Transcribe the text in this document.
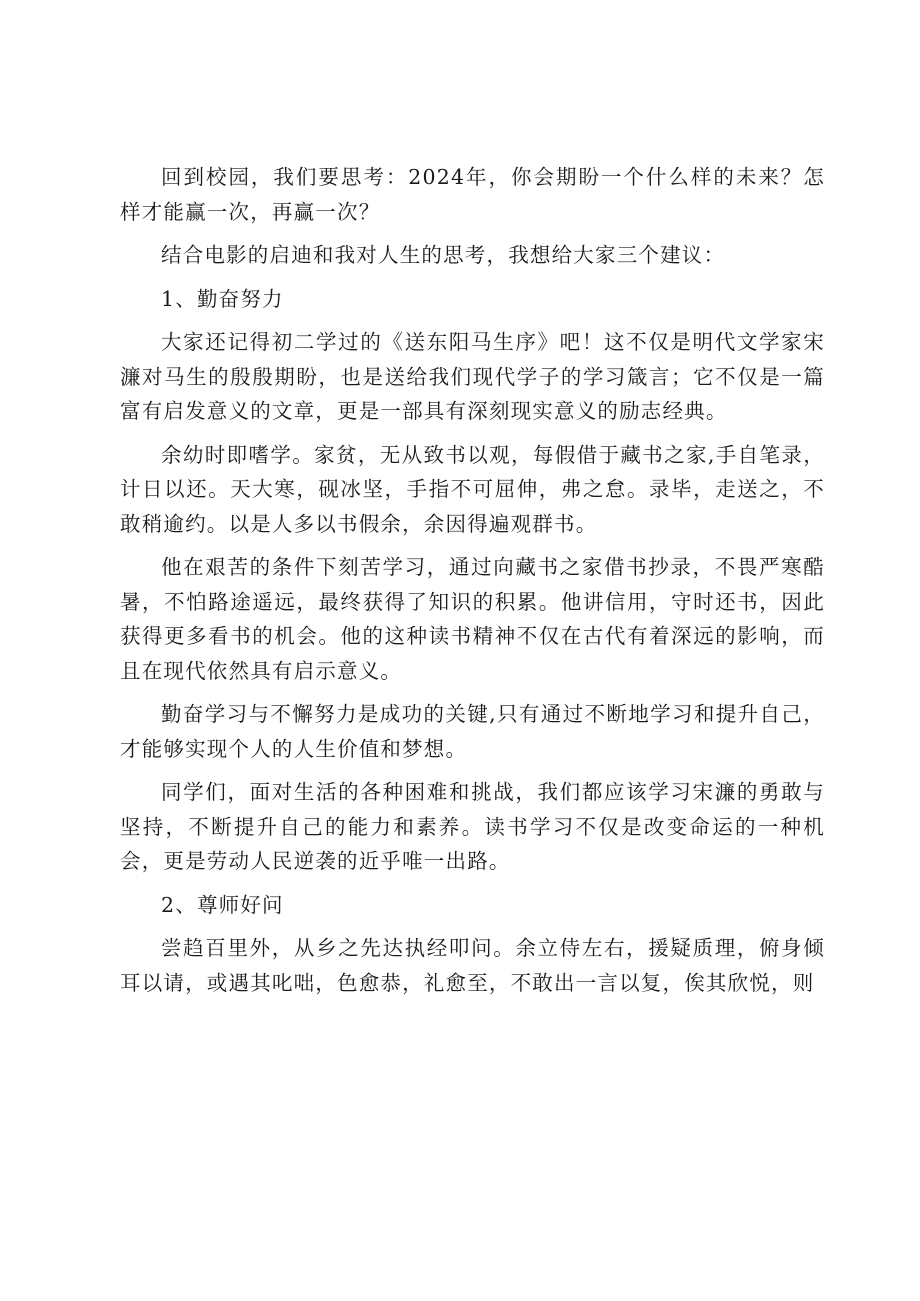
回到校园，我们要思考：2024年，你会期盼一个什么样的未来？怎样才能赢一次，再赢一次？

结合电影的启迪和我对人生的思考，我想给大家三个建议：

1、勤奋努力

大家还记得初二学过的《送东阳马生序》吧！这不仅是明代文学家宋濂对马生的殷殷期盼，也是送给我们现代学子的学习箴言；它不仅是一篇富有启发意义的文章，更是一部具有深刻现实意义的励志经典。

余幼时即嗜学。家贫，无从致书以观，每假借于藏书之家,手自笔录，计日以还。天大寒，砚冰坚，手指不可屈伸，弗之怠。录毕，走送之，不敢稍逾约。以是人多以书假余，余因得遍观群书。

他在艰苦的条件下刻苦学习，通过向藏书之家借书抄录，不畏严寒酷暑，不怕路途遥远，最终获得了知识的积累。他讲信用，守时还书，因此获得更多看书的机会。他的这种读书精神不仅在古代有着深远的影响，而且在现代依然具有启示意义。

勤奋学习与不懈努力是成功的关键,只有通过不断地学习和提升自己，才能够实现个人的人生价值和梦想。

同学们，面对生活的各种困难和挑战，我们都应该学习宋濂的勇敢与坚持，不断提升自己的能力和素养。读书学习不仅是改变命运的一种机会，更是劳动人民逆袭的近乎唯一出路。

2、尊师好问

尝趋百里外，从乡之先达执经叩问。余立侍左右，援疑质理，俯身倾耳以请，或遇其叱咄，色愈恭，礼愈至，不敢出一言以复，俟其欣悦，则
